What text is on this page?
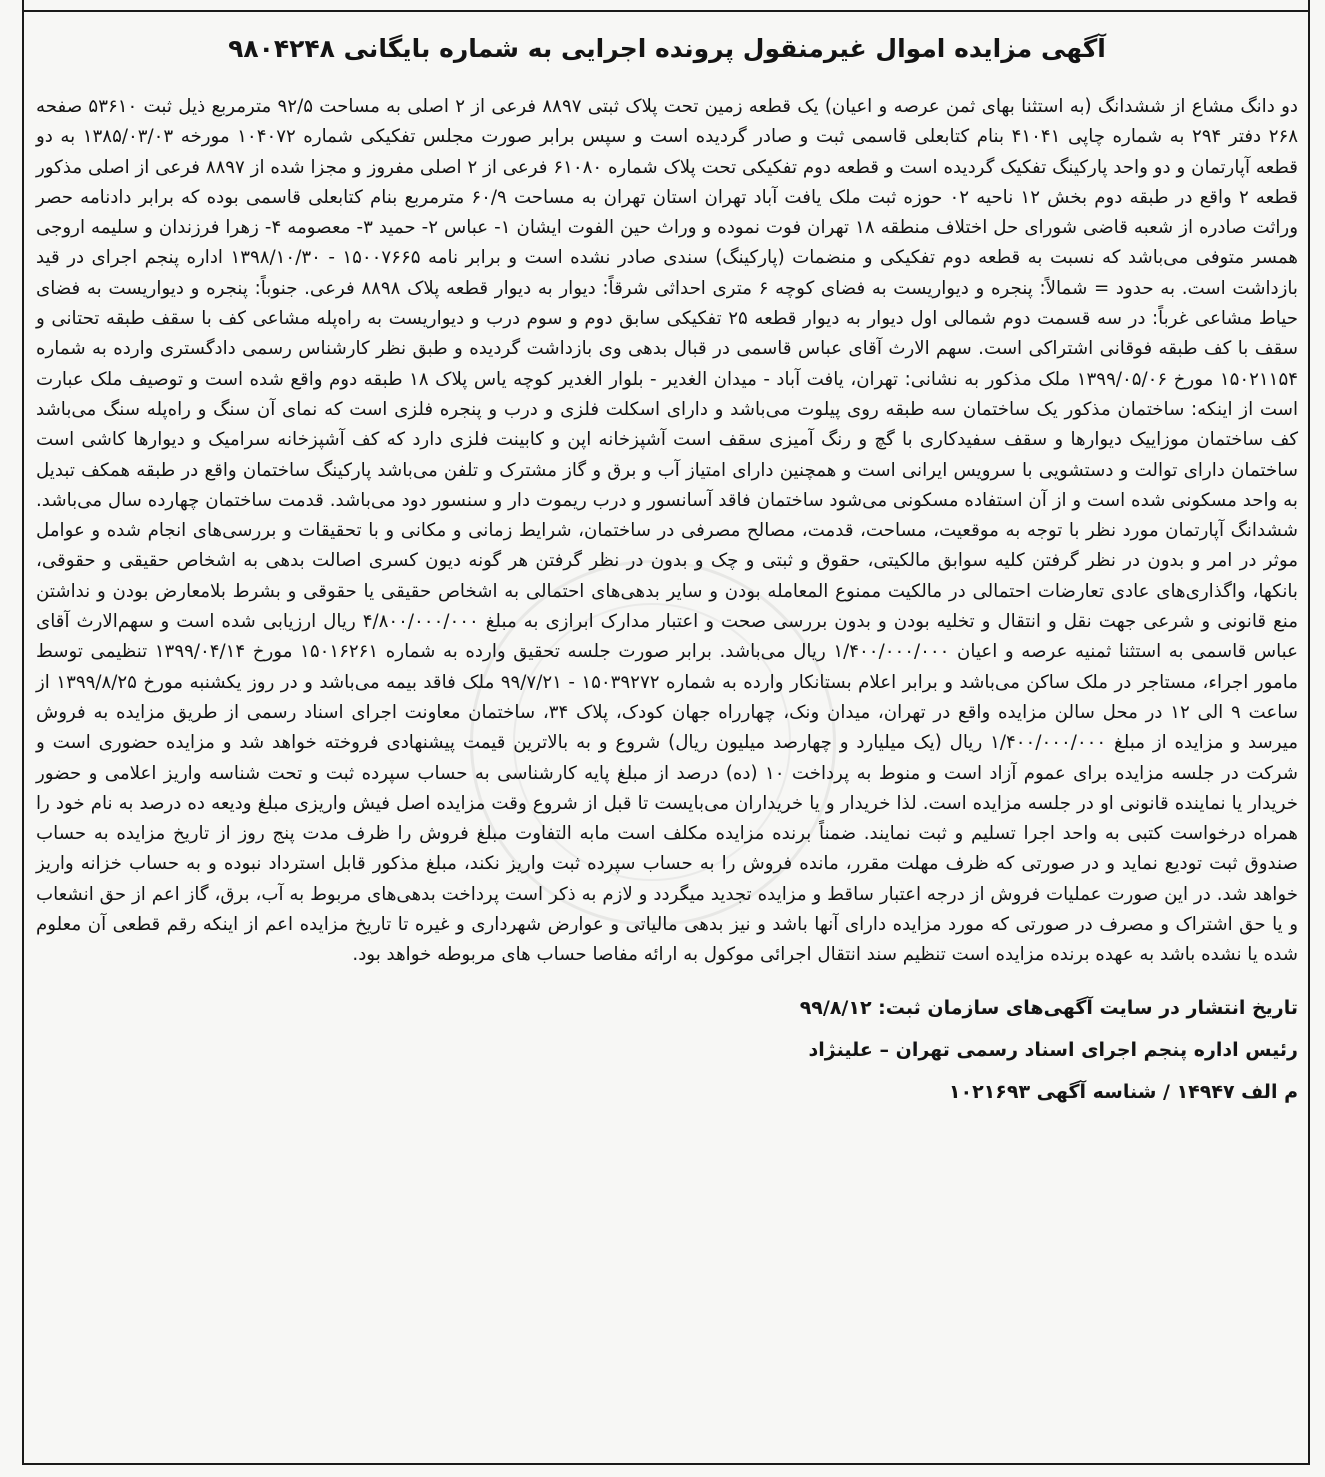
آگهی مزایده اموال غیرمنقول پرونده اجرایی به شماره بایگانی ۹۸۰۴۲۴۸

دو دانگ مشاع از ششدانگ (به استثنا بهای ثمن عرصه و اعیان) یک قطعه زمین تحت پلاک ثبتی ۸۸۹۷ فرعی از ۲ اصلی به مساحت ۹۲/۵ مترمربع ذیل ثبت ۵۳۶۱۰ صفحه ۲۶۸ دفتر ۲۹۴ به شماره چاپی ۴۱۰۴۱ بنام کتابعلی قاسمی ثبت و صادر گردیده است و سپس برابر صورت مجلس تفکیکی شماره ۱۰۴۰۷۲ مورخه ۱۳۸۵/۰۳/۰۳ به دو قطعه آپارتمان و دو واحد پارکینگ تفکیک گردیده است و قطعه دوم تفکیکی تحت پلاک شماره ۶۱۰۸۰ فرعی از ۲ اصلی مفروز و مجزا شده از ۸۸۹۷ فرعی از اصلی مذکور قطعه ۲ واقع در طبقه دوم بخش ۱۲ ناحیه ۰۲ حوزه ثبت ملک یافت آباد تهران استان تهران به مساحت ۶۰/۹ مترمربع بنام کتابعلی قاسمی بوده که برابر دادنامه حصر وراثت صادره از شعبه قاضی شورای حل اختلاف منطقه ۱۸ تهران فوت نموده و وراث حین الفوت ایشان ۱- عباس ۲- حمید ۳- معصومه ۴- زهرا فرزندان و سلیمه اروجی همسر متوفی می‌باشد که نسبت به قطعه دوم تفکیکی و منضمات (پارکینگ) سندی صادر نشده است و برابر نامه ۱۵۰۰۷۶۶۵ - ۱۳۹۸/۱۰/۳۰ اداره پنجم اجرای در قید بازداشت است. به حدود = شمالاً: پنجره و دیواریست به فضای کوچه ۶ متری احداثی شرقاً: دیوار به دیوار قطعه پلاک ۸۸۹۸ فرعی. جنوباً: پنجره و دیواریست به فضای حیاط مشاعی غرباً: در سه قسمت دوم شمالی اول دیوار به دیوار قطعه ۲۵ تفکیکی سابق دوم و سوم درب و دیواریست به راه‌پله مشاعی کف با سقف طبقه تحتانی و سقف با کف طبقه فوقانی اشتراکی است. سهم الارث آقای عباس قاسمی در قبال بدهی وی بازداشت گردیده و طبق نظر کارشناس رسمی دادگستری وارده به شماره ۱۵۰۲۱۱۵۴ مورخ ۱۳۹۹/۰۵/۰۶ ملک مذکور به نشانی: تهران، یافت آباد - میدان الغدیر - بلوار الغدیر کوچه یاس پلاک ۱۸ طبقه دوم واقع شده است و توصیف ملک عبارت است از اینکه: ساختمان مذکور یک ساختمان سه طبقه روی پیلوت می‌باشد و دارای اسکلت فلزی و درب و پنجره فلزی است که نمای آن سنگ و راه‌پله سنگ می‌باشد کف ساختمان موزاییک دیوارها و سقف سفیدکاری با گچ و رنگ آمیزی سقف است آشپزخانه اپن و کابینت فلزی دارد که کف آشپزخانه سرامیک و دیوارها کاشی است ساختمان دارای توالت و دستشویی با سرویس ایرانی است و همچنین دارای امتیاز آب و برق و گاز مشترک و تلفن می‌باشد پارکینگ ساختمان واقع در طبقه همکف تبدیل به واحد مسکونی شده است و از آن استفاده مسکونی می‌شود ساختمان فاقد آسانسور و درب ریموت دار و سنسور دود می‌باشد. قدمت ساختمان چهارده سال می‌باشد. ششدانگ آپارتمان مورد نظر با توجه به موقعیت، مساحت، قدمت، مصالح مصرفی در ساختمان، شرایط زمانی و مکانی و با تحقیقات و بررسی‌های انجام شده و عوامل موثر در امر و بدون در نظر گرفتن کلیه سوابق مالکیتی، حقوق و ثبتی و چک و بدون در نظر گرفتن هر گونه دیون کسری اصالت بدهی به اشخاص حقیقی و حقوقی، بانکها، واگذاری‌های عادی تعارضات احتمالی در مالکیت ممنوع المعامله بودن و سایر بدهی‌های احتمالی به اشخاص حقیقی یا حقوقی و بشرط بلامعارض بودن و نداشتن منع قانونی و شرعی جهت نقل و انتقال و تخلیه بودن و بدون بررسی صحت و اعتبار مدارک ابرازی به مبلغ ۴/۸۰۰/۰۰۰/۰۰۰ ریال ارزیابی شده است و سهم‌الارث آقای عباس قاسمی به استثنا ثمنیه عرصه و اعیان ۱/۴۰۰/۰۰۰/۰۰۰ ریال می‌باشد. برابر صورت جلسه تحقیق وارده به شماره ۱۵۰۱۶۲۶۱ مورخ ۱۳۹۹/۰۴/۱۴ تنظیمی توسط مامور اجراء، مستاجر در ملک ساکن می‌باشد و برابر اعلام بستانکار وارده به شماره ۱۵۰۳۹۲۷۲ - ۹۹/۷/۲۱ ملک فاقد بیمه می‌باشد و در روز یکشنبه مورخ ۱۳۹۹/۸/۲۵ از ساعت ۹ الی ۱۲ در محل سالن مزایده واقع در تهران، میدان ونک، چهارراه جهان کودک، پلاک ۳۴، ساختمان معاونت اجرای اسناد رسمی از طریق مزایده به فروش میرسد و مزایده از مبلغ ۱/۴۰۰/۰۰۰/۰۰۰ ریال (یک میلیارد و چهارصد میلیون ریال) شروع و به بالاترین قیمت پیشنهادی فروخته خواهد شد و مزایده حضوری است و شرکت در جلسه مزایده برای عموم آزاد است و منوط به پرداخت ۱۰ (ده) درصد از مبلغ پایه کارشناسی به حساب سپرده ثبت و تحت شناسه واریز اعلامی و حضور خریدار یا نماینده قانونی او در جلسه مزایده است. لذا خریدار و یا خریداران می‌بایست تا قبل از شروع وقت مزایده اصل فیش واریزی مبلغ ودیعه ده درصد به نام خود را همراه درخواست کتبی به واحد اجرا تسلیم و ثبت نمایند. ضمناً برنده مزایده مکلف است مابه التفاوت مبلغ فروش را ظرف مدت پنج روز از تاریخ مزایده به حساب صندوق ثبت تودیع نماید و در صورتی که ظرف مهلت مقرر، مانده فروش را به حساب سپرده ثبت واریز نکند، مبلغ مذکور قابل استرداد نبوده و به حساب خزانه واریز خواهد شد. در این صورت عملیات فروش از درجه اعتبار ساقط و مزایده تجدید میگردد و لازم به ذکر است پرداخت بدهی‌های مربوط به آب، برق، گاز اعم از حق انشعاب و یا حق اشتراک و مصرف در صورتی که مورد مزایده دارای آنها باشد و نیز بدهی مالیاتی و عوارض شهرداری و غیره تا تاریخ مزایده اعم از اینکه رقم قطعی آن معلوم شده یا نشده باشد به عهده برنده مزایده است تنظیم سند انتقال اجرائی موکول به ارائه مفاصا حساب های مربوطه خواهد بود.

تاریخ انتشار در سایت آگهی‌های سازمان ثبت: ۹۹/۸/۱۲
رئیس اداره پنجم اجرای اسناد رسمی تهران – علینژاد
م الف ۱۴۹۴۷ / شناسه آگهی ۱۰۲۱۶۹۳
